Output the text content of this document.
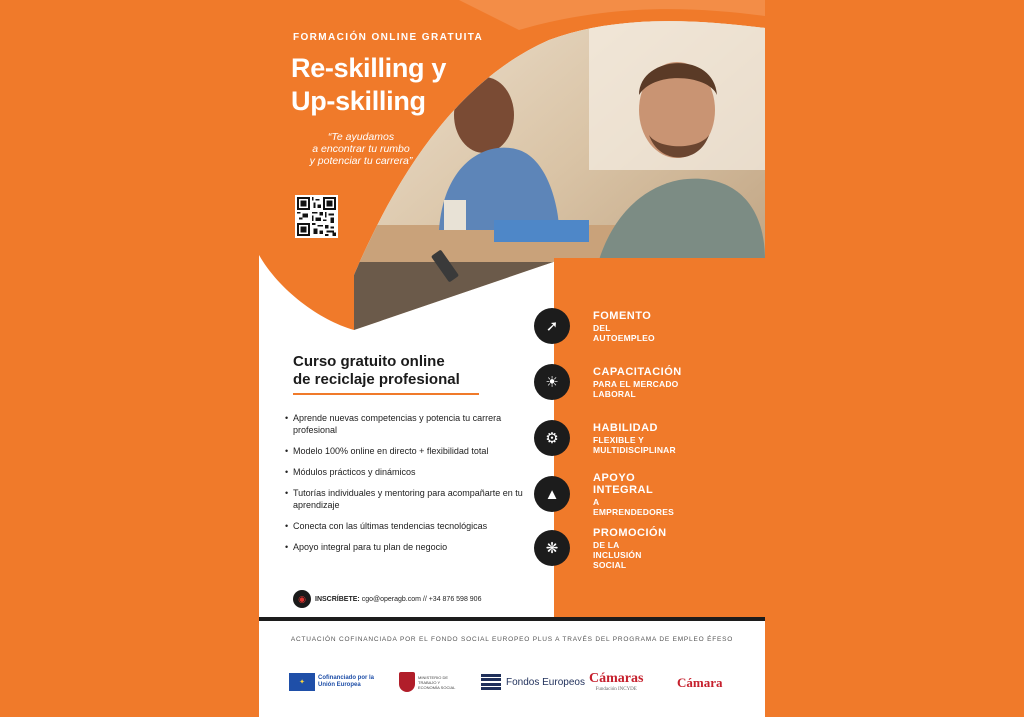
FORMACIÓN ONLINE GRATUITA
Re-skilling y
Up-skilling
“Te ayudamos
a encontrar tu rumbo
y potenciar tu carrera”
Curso gratuito online
de reciclaje profesional
• Aprende nuevas competencias y potencia tu carrera profesional
• Modelo 100% online en directo + flexibilidad total
• Módulos prácticos y dinámicos
• Tutorías individuales y mentoring para acompañarte en tu aprendizaje
• Conecta con las últimas tendencias tecnológicas
• Apoyo integral para tu plan de negocio
◉	INSCRÍBETE: cgo@operagb.com // +34 876 598 906
➚
FOMENTO
DEL AUTOEMPLEO
☀
CAPACITACIÓN
PARA EL MERCADO LABORAL
⚙
HABILIDAD
FLEXIBLE Y MULTIDISCIPLINAR
▲
APOYO INTEGRAL
A EMPRENDEDORES
❋
PROMOCIÓN
DE LA INCLUSIÓN SOCIAL
ACTUACIÓN COFINANCIADA POR EL FONDO SOCIAL EUROPEO PLUS A TRAVÉS DEL PROGRAMA DE EMPLEO ÉFESO
✦
Cofinanciado por la Unión Europea
MINISTERIO DE TRABAJO Y ECONOMÍA SOCIAL	Fondos Europeos Cámaras
Fundación INCYDE	Cámara
